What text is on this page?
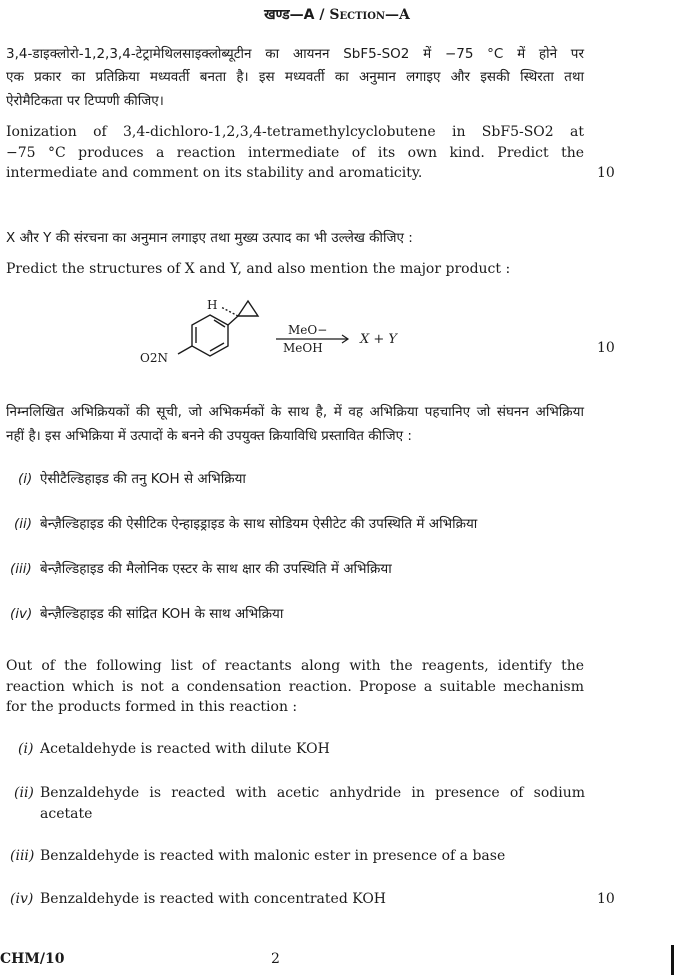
खण्ड—A / Section—A
3,4-डाइक्लोरो-1,2,3,4-टेट्रामेथिलसाइक्लोब्यूटीन का आयनन SbF5-SO2 में −75 °C में होने पर
एक प्रकार का प्रतिक्रिया मध्यवर्ती बनता है। इस मध्यवर्ती का अनुमान लगाइए और इसकी स्थिरता तथा
ऐरोमैटिकता पर टिप्पणी कीजिए।
Ionization of 3,4-dichloro-1,2,3,4-tetramethylcyclobutene in SbF5-SO2 at
−75 °C produces a reaction intermediate of its own kind. Predict the
intermediate and comment on its stability and aromaticity.	10
X और Y की संरचना का अनुमान लगाइए तथा मुख्य उत्पाद का भी उल्लेख कीजिए :
Predict the structures of X and Y, and also mention the major product :
H
O2N
MeO−
MeOH
X + Y
10
निम्नलिखित अभिक्रियकों की सूची, जो अभिकर्मकों के साथ है, में वह अभिक्रिया पहचानिए जो संघनन अभिक्रिया
नहीं है। इस अभिक्रिया में उत्पादों के बनने की उपयुक्त क्रियाविधि प्रस्तावित कीजिए :
(i) ऐसीटैल्डिहाइड की तनु KOH से अभिक्रिया
(ii) बेन्ज़ैल्डिहाइड की ऐसीटिक ऐन्हाइड्राइड के साथ सोडियम ऐसीटेट की उपस्थिति में अभिक्रिया
(iii) बेन्ज़ैल्डिहाइड की मैलोनिक एस्टर के साथ क्षार की उपस्थिति में अभिक्रिया
(iv) बेन्ज़ैल्डिहाइड की सांद्रित KOH के साथ अभिक्रिया
Out of the following list of reactants along with the reagents, identify the
reaction which is not a condensation reaction. Propose a suitable mechanism
for the products formed in this reaction :
(i) Acetaldehyde is reacted with dilute KOH
(ii) Benzaldehyde is reacted with acetic anhydride in presence of sodium
acetate
(iii) Benzaldehyde is reacted with malonic ester in presence of a base
(iv) Benzaldehyde is reacted with concentrated KOH	10
CHM/10	2
